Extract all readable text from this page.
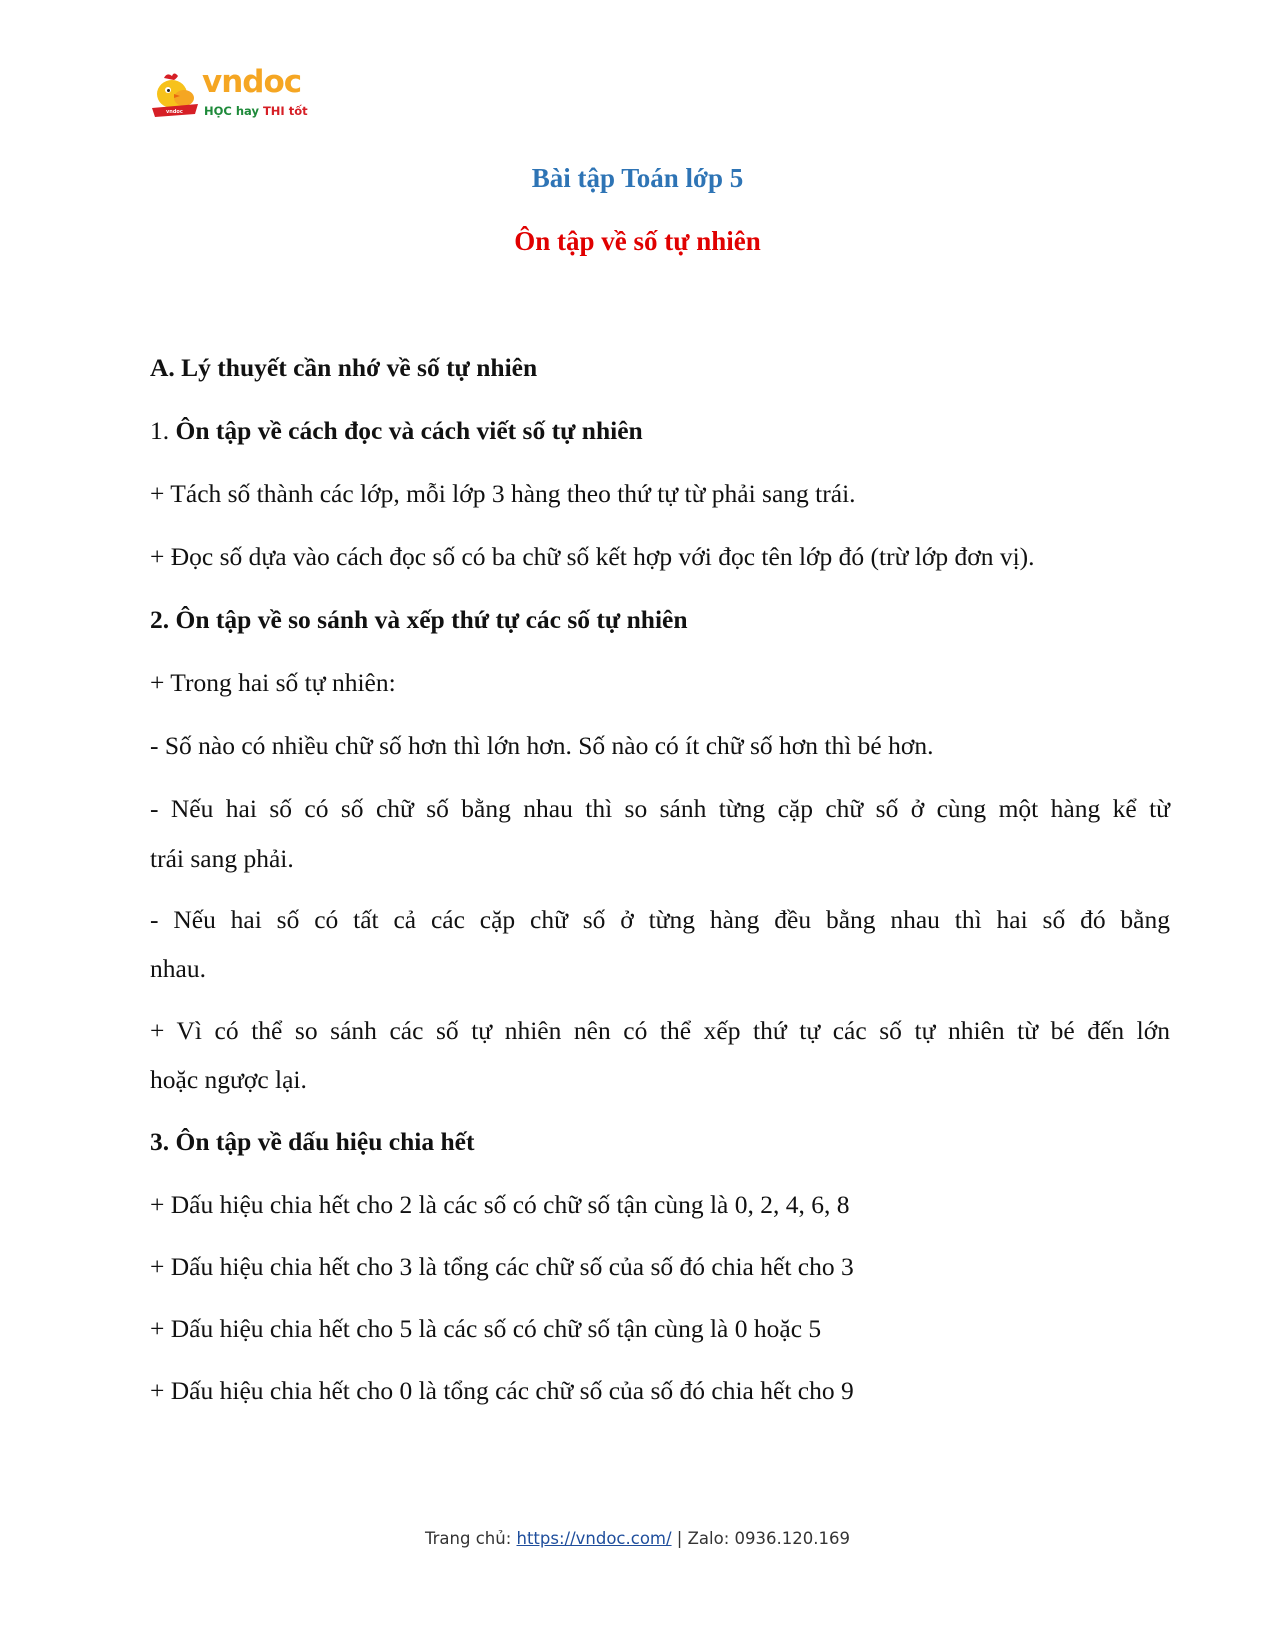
vndoc
vndoc
HỌC hay THI tốt
Bài tập Toán lớp 5
Ôn tập về số tự nhiên
A. Lý thuyết cần nhớ về số tự nhiên
1. Ôn tập về cách đọc và cách viết số tự nhiên
+ Tách số thành các lớp, mỗi lớp 3 hàng theo thứ tự từ phải sang trái.
+ Đọc số dựa vào cách đọc số có ba chữ số kết hợp với đọc tên lớp đó (trừ lớp đơn vị).
2. Ôn tập về so sánh và xếp thứ tự các số tự nhiên
+ Trong hai số tự nhiên:
- Số nào có nhiều chữ số hơn thì lớn hơn. Số nào có ít chữ số hơn thì bé hơn.
- Nếu hai số có số chữ số bằng nhau thì so sánh từng cặp chữ số ở cùng một hàng kể từ
trái sang phải.
- Nếu hai số có tất cả các cặp chữ số ở từng hàng đều bằng nhau thì hai số đó bằng
nhau.
+ Vì có thể so sánh các số tự nhiên nên có thể xếp thứ tự các số tự nhiên từ bé đến lớn
hoặc ngược lại.
3. Ôn tập về dấu hiệu chia hết
+ Dấu hiệu chia hết cho 2 là các số có chữ số tận cùng là 0, 2, 4, 6, 8
+ Dấu hiệu chia hết cho 3 là tổng các chữ số của số đó chia hết cho 3
+ Dấu hiệu chia hết cho 5 là các số có chữ số tận cùng là 0 hoặc 5
+ Dấu hiệu chia hết cho 0 là tổng các chữ số của số đó chia hết cho 9
Trang chủ: https://vndoc.com/ | Zalo: 0936.120.169
